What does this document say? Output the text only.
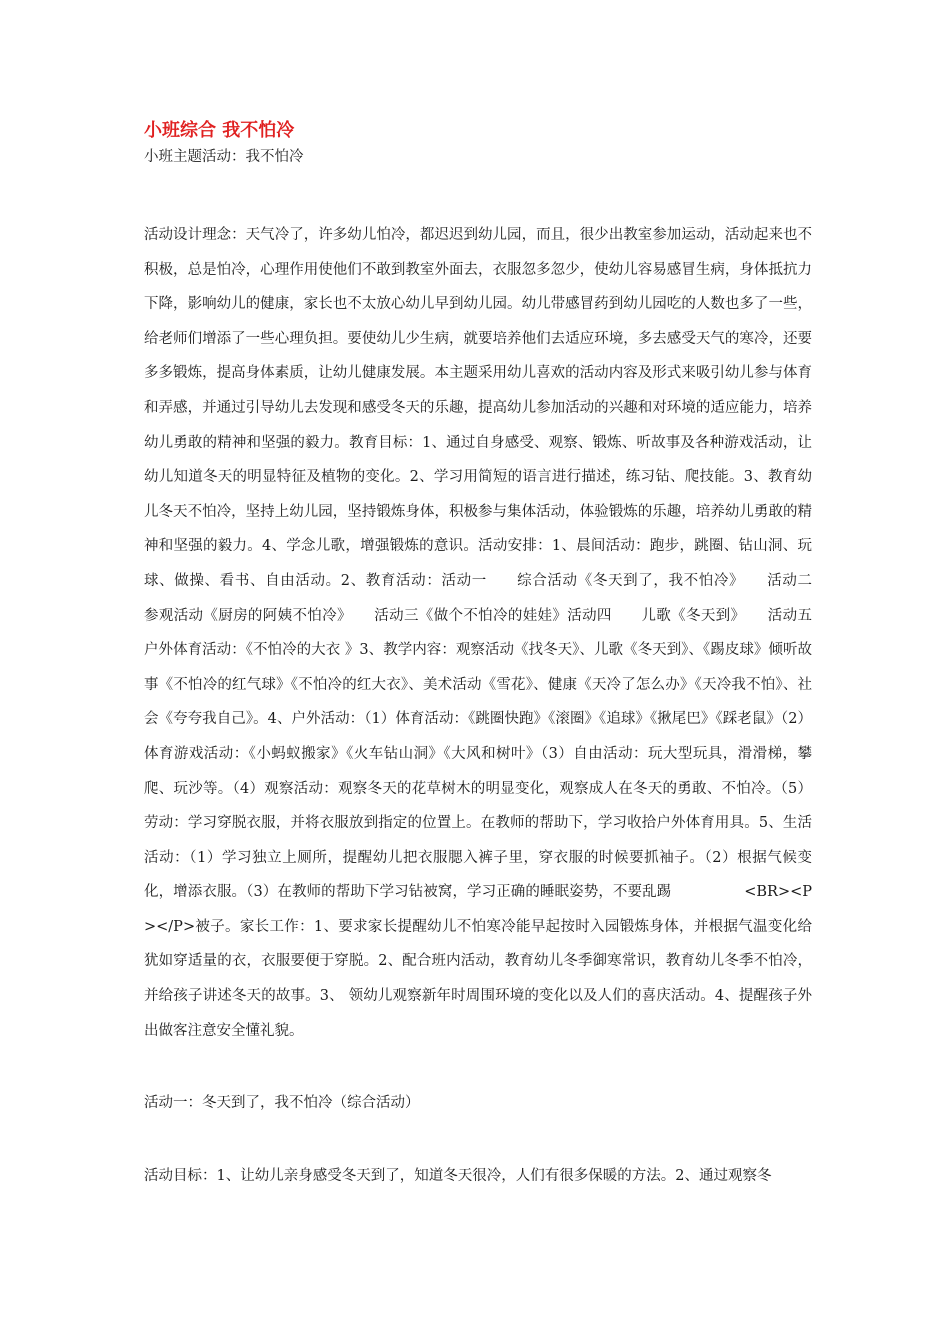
小班综合 我不怕冷

小班主题活动：我不怕冷

活动设计理念：天气冷了，许多幼儿怕冷，都迟迟到幼儿园，而且，很少出教室参加运动，活动起来也不积极，总是怕冷，心理作用使他们不敢到教室外面去，衣服忽多忽少，使幼儿容易感冒生病，身体抵抗力下降，影响幼儿的健康，家长也不太放心幼儿早到幼儿园。幼儿带感冒药到幼儿园吃的人数也多了一些，给老师们增添了一些心理负担。要使幼儿少生病，就要培养他们去适应环境，多去感受天气的寒冷，还要多多锻炼，提高身体素质，让幼儿健康发展。本主题采用幼儿喜欢的活动内容及形式来吸引幼儿参与体育和弄感，并通过引导幼儿去发现和感受冬天的乐趣，提高幼儿参加活动的兴趣和对环境的适应能力，培养幼儿勇敢的精神和坚强的毅力。教育目标：1、通过自身感受、观察、锻炼、听故事及各种游戏活动，让幼儿知道冬天的明显特征及植物的变化。2、学习用简短的语言进行描述，练习钻、爬技能。3、教育幼儿冬天不怕冷，坚持上幼儿园，坚持锻炼身体，积极参与集体活动，体验锻炼的乐趣，培养幼儿勇敢的精神和坚强的毅力。4、学念儿歌，增强锻炼的意识。活动安排：1、晨间活动：跑步，跳圈、钻山洞、玩球、做操、看书、自由活动。2、教育活动：活动一　　综合活动《冬天到了，我不怕冷》　　活动二　　参观活动《厨房的阿姨不怕冷》　　活动三《做个不怕冷的娃娃》活动四　　儿歌《冬天到》　　活动五　　户外体育活动：《不怕冷的大衣 》3、教学内容：观察活动《找冬天》、儿歌《冬天到》、《踢皮球》倾听故事《不怕冷的红气球》《不怕冷的红大衣》、美术活动《雪花》、健康《天冷了怎么办》《天冷我不怕》、社会《夸夸我自己》。4、户外活动：（1）体育活动：《跳圈快跑》《滚圈》《追球》《揪尾巴》《踩老鼠》（2）体育游戏活动：《小蚂蚁搬家》《火车钻山洞》《大风和树叶》（3）自由活动：玩大型玩具，滑滑梯，攀爬、玩沙等。（4）观察活动：观察冬天的花草树木的明显变化，观察成人在冬天的勇敢、不怕冷。（5）劳动：学习穿脱衣服，并将衣服放到指定的位置上。在教师的帮助下，学习收拾户外体育用具。5、生活活动：（1）学习独立上厕所，提醒幼儿把衣服腮入裤子里，穿衣服的时候要抓袖子。（2）根据气候变化，增添衣服。（3）在教师的帮助下学习钻被窝，学习正确的睡眠姿势，不要乱踢　　　　　<BR><P></P>被子。家长工作：1、要求家长提醒幼儿不怕寒冷能早起按时入园锻炼身体，并根据气温变化给犹如穿适量的衣，衣服要便于穿脱。2、配合班内活动，教育幼儿冬季御寒常识，教育幼儿冬季不怕冷，并给孩子讲述冬天的故事。3、 领幼儿观察新年时周围环境的变化以及人们的喜庆活动。4、提醒孩子外出做客注意安全懂礼貌。

活动一：冬天到了，我不怕冷（综合活动）

活动目标：1、让幼儿亲身感受冬天到了，知道冬天很冷，人们有很多保暖的方法。2、通过观察冬
